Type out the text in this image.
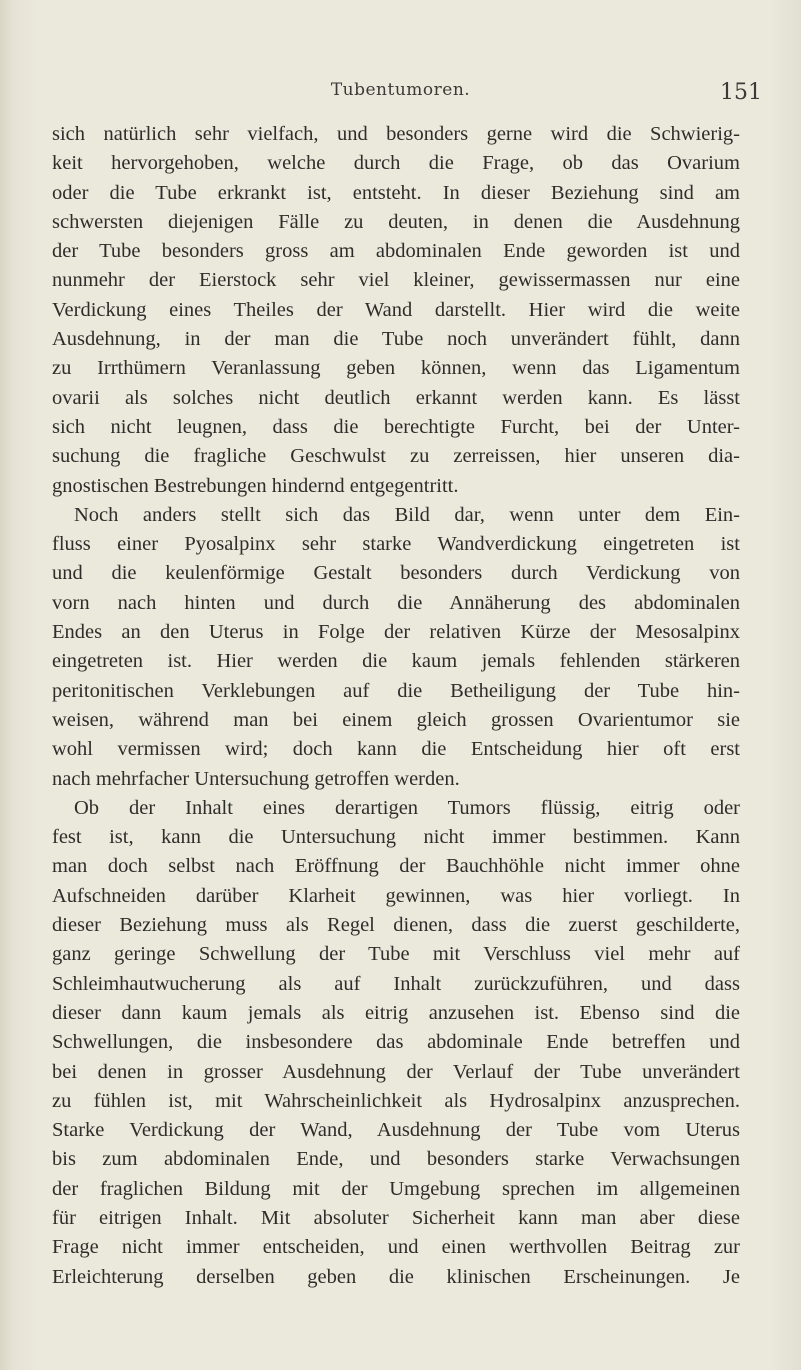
Tubentumoren.	151
sich natürlich sehr vielfach, und besonders gerne wird die Schwierig-
keit hervorgehoben, welche durch die Frage, ob das Ovarium
oder die Tube erkrankt ist, entsteht. In dieser Beziehung sind am
schwersten diejenigen Fälle zu deuten, in denen die Ausdehnung
der Tube besonders gross am abdominalen Ende geworden ist und
nunmehr der Eierstock sehr viel kleiner, gewissermassen nur eine
Verdickung eines Theiles der Wand darstellt. Hier wird die weite
Ausdehnung, in der man die Tube noch unverändert fühlt, dann
zu Irrthümern Veranlassung geben können, wenn das Ligamentum
ovarii als solches nicht deutlich erkannt werden kann. Es lässt
sich nicht leugnen, dass die berechtigte Furcht, bei der Unter-
suchung die fragliche Geschwulst zu zerreissen, hier unseren dia-
gnostischen Bestrebungen hindernd entgegentritt.
Noch anders stellt sich das Bild dar, wenn unter dem Ein-
fluss einer Pyosalpinx sehr starke Wandverdickung eingetreten ist
und die keulenförmige Gestalt besonders durch Verdickung von
vorn nach hinten und durch die Annäherung des abdominalen
Endes an den Uterus in Folge der relativen Kürze der Mesosalpinx
eingetreten ist. Hier werden die kaum jemals fehlenden stärkeren
peritonitischen Verklebungen auf die Betheiligung der Tube hin-
weisen, während man bei einem gleich grossen Ovarientumor sie
wohl vermissen wird; doch kann die Entscheidung hier oft erst
nach mehrfacher Untersuchung getroffen werden.
Ob der Inhalt eines derartigen Tumors flüssig, eitrig oder
fest ist, kann die Untersuchung nicht immer bestimmen. Kann
man doch selbst nach Eröffnung der Bauchhöhle nicht immer ohne
Aufschneiden darüber Klarheit gewinnen, was hier vorliegt. In
dieser Beziehung muss als Regel dienen, dass die zuerst geschilderte,
ganz geringe Schwellung der Tube mit Verschluss viel mehr auf
Schleimhautwucherung als auf Inhalt zurückzuführen, und dass
dieser dann kaum jemals als eitrig anzusehen ist. Ebenso sind die
Schwellungen, die insbesondere das abdominale Ende betreffen und
bei denen in grosser Ausdehnung der Verlauf der Tube unverändert
zu fühlen ist, mit Wahrscheinlichkeit als Hydrosalpinx anzusprechen.
Starke Verdickung der Wand, Ausdehnung der Tube vom Uterus
bis zum abdominalen Ende, und besonders starke Verwachsungen
der fraglichen Bildung mit der Umgebung sprechen im allgemeinen
für eitrigen Inhalt. Mit absoluter Sicherheit kann man aber diese
Frage nicht immer entscheiden, und einen werthvollen Beitrag zur
Erleichterung derselben geben die klinischen Erscheinungen. Je
